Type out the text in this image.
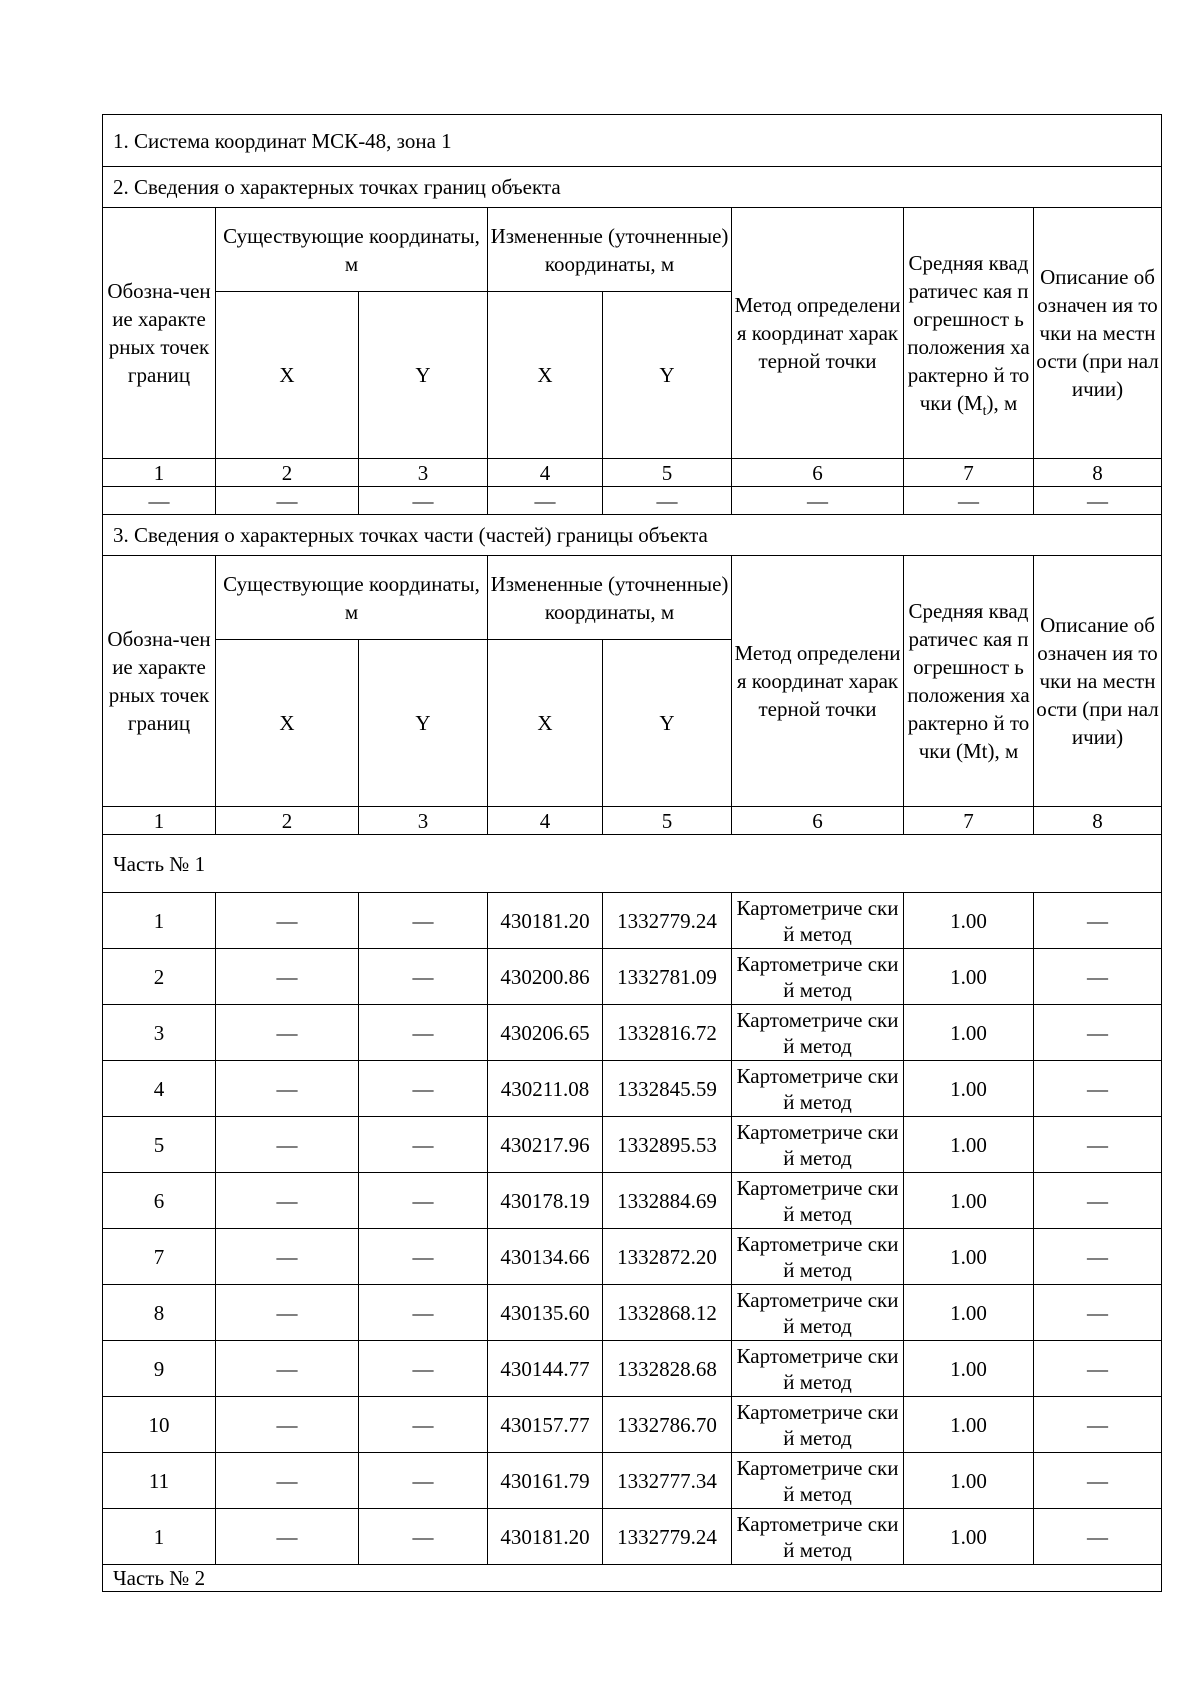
1. Система координат МСК-48, зона 1							
2. Сведения о характерных точках границ объекта							
Обозна-чение характе рных точек границ	Существующие координаты, м		Измененные (уточненные) координаты, м		Метод определения координат характерной точки	Средняя квадратичес кая погрешност ь положения характерно й точки $(M_t)$, м	Описание обозначен ия точки на местности (при наличии)
	X	Y	X	Y			
1	2	3	4	5	6	7	8
—	—	—	—	—	—	—	—
3. Сведения о характерных точках части (частей) границы объекта							
Обозна-чение характе рных точек границ	Существующие координаты, м		Измененные (уточненные) координаты, м		Метод определения координат характерной точки	Средняя квадратичес кая погрешност ь положения характерно й точки (Mt), м	Описание обозначен ия точки на местности (при наличии)
	X	Y	X	Y			
1	2	3	4	5	6	7	8
Часть № 1							
1	—	—	430181.20	1332779.24	Картометриче ский метод	1.00	—
2	—	—	430200.86	1332781.09	Картометриче ский метод	1.00	—
3	—	—	430206.65	1332816.72	Картометриче ский метод	1.00	—
4	—	—	430211.08	1332845.59	Картометриче ский метод	1.00	—
5	—	—	430217.96	1332895.53	Картометриче ский метод	1.00	—
6	—	—	430178.19	1332884.69	Картометриче ский метод	1.00	—
7	—	—	430134.66	1332872.20	Картометриче ский метод	1.00	—
8	—	—	430135.60	1332868.12	Картометриче ский метод	1.00	—
9	—	—	430144.77	1332828.68	Картометриче ский метод	1.00	—
10	—	—	430157.77	1332786.70	Картометриче ский метод	1.00	—
11	—	—	430161.79	1332777.34	Картометриче ский метод	1.00	—
1	—	—	430181.20	1332779.24	Картометриче ский метод	1.00	—
Часть № 2							
